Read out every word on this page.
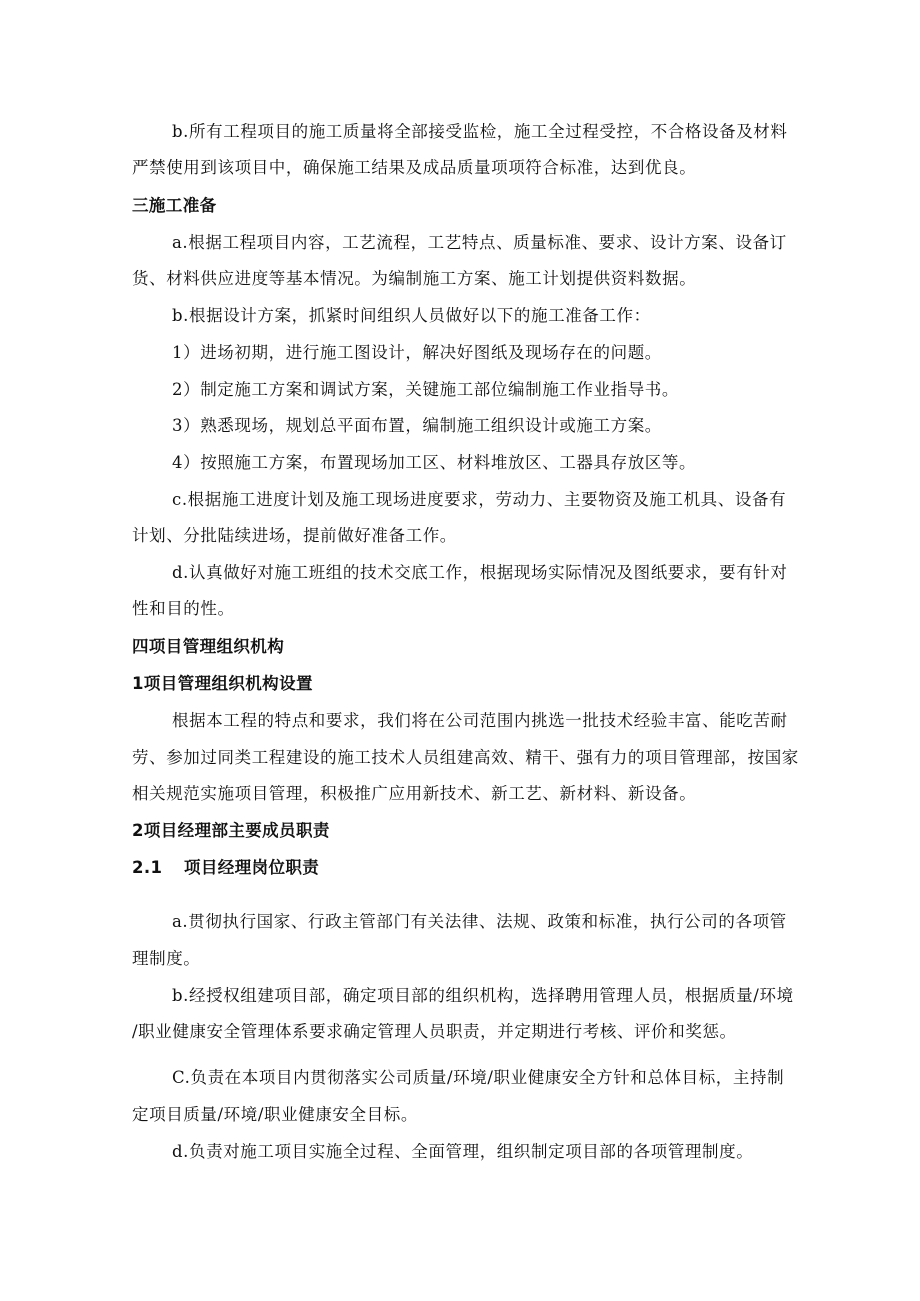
b.所有工程项目的施工质量将全部接受监检，施工全过程受控，不合格设备及材料
严禁使用到该项目中，确保施工结果及成品质量项项符合标准，达到优良。
三施工准备
a.根据工程项目内容，工艺流程，工艺特点、质量标准、要求、设计方案、设备订
货、材料供应进度等基本情况。为编制施工方案、施工计划提供资料数据。
b.根据设计方案，抓紧时间组织人员做好以下的施工准备工作：
1）进场初期，进行施工图设计，解决好图纸及现场存在的问题。
2）制定施工方案和调试方案，关键施工部位编制施工作业指导书。
3）熟悉现场，规划总平面布置，编制施工组织设计或施工方案。
4）按照施工方案，布置现场加工区、材料堆放区、工器具存放区等。
c.根据施工进度计划及施工现场进度要求，劳动力、主要物资及施工机具、设备有
计划、分批陆续进场，提前做好准备工作。
d.认真做好对施工班组的技术交底工作，根据现场实际情况及图纸要求，要有针对
性和目的性。
四项目管理组织机构
1项目管理组织机构设置
根据本工程的特点和要求，我们将在公司范围内挑选一批技术经验丰富、能吃苦耐
劳、参加过同类工程建设的施工技术人员组建高效、精干、强有力的项目管理部，按国家
相关规范实施项目管理，积极推广应用新技术、新工艺、新材料、新设备。
2项目经理部主要成员职责
2.1 项目经理岗位职责
a.贯彻执行国家、行政主管部门有关法律、法规、政策和标准，执行公司的各项管
理制度。
b.经授权组建项目部，确定项目部的组织机构，选择聘用管理人员，根据质量/环境
/职业健康安全管理体系要求确定管理人员职责，并定期进行考核、评价和奖惩。
C.负责在本项目内贯彻落实公司质量/环境/职业健康安全方针和总体目标，主持制
定项目质量/环境/职业健康安全目标。
d.负责对施工项目实施全过程、全面管理，组织制定项目部的各项管理制度。
